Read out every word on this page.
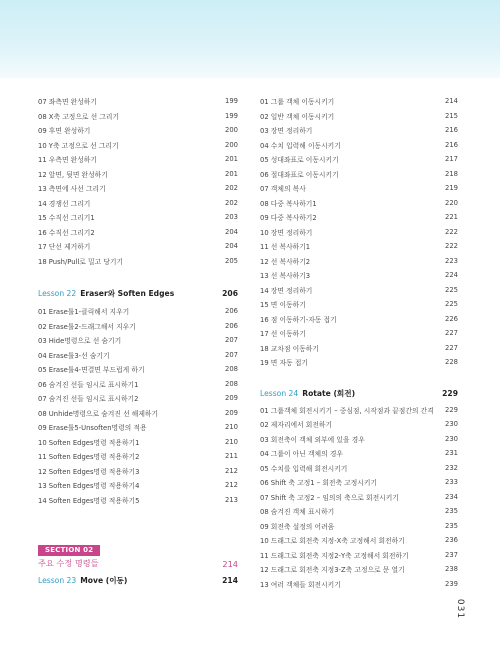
07 좌측면 완성하기	199
08 X축 고정으로 선 그리기	199
09 후면 완성하기	200
10 Y축 고정으로 선 그리기	200
11 우측면 완성하기	201
12 앞면, 뒷면 완성하기	201
13 측면에 사선 그리기	202
14 경쟁선 그리기	202
15 수직선 그리기1	203
16 수직선 그리기2	204
17 단선 제거하기	204
18 Push/Pull로 밀고 당기기	205
Lesson 22 Eraser와 Soften Edges	206
01 Erase툴1-클릭해서 지우기	206
02 Erase툴2-드래그해서 지우기	206
03 Hide명령으로 선 숨기기	207
04 Erase툴3-선 숨기기	207
05 Erase툴4-면결면 부드럽게 하기	208
06 숨겨진 선들 임시로 표시하기1	208
07 숨겨진 선들 임시로 표시하기2	209
08 Unhide명령으로 숨겨진 선 해제하기	209
09 Erase툴5-Unsoften명령의 적용	210
10 Soften Edges명령 적용하기1	210
11 Soften Edges명령 적용하기2	211
12 Soften Edges명령 적용하기3	212
13 Soften Edges명령 적용하기4	212
14 Soften Edges명령 적용하기5	213
SECTION 02
주요 수정 명령들	214
Lesson 23 Move (이동)	214
01 그룹 객체 이동시키기	214
02 일반 객체 이동시키기	215
03 장면 정리하기	216
04 수치 입력해 이동시키기	216
05 성대좌표로 이동시키기	217
06 절대좌표로 이동시키기	218
07 객체의 복사	219
08 다중 복사하기1	220
09 다중 복사하기2	221
10 장면 정리하기	222
11 선 복사하기1	222
12 선 복사하기2	223
13 선 복사하기3	224
14 장면 정리하기	225
15 면 이동하기	225
16 점 이동하기-자동 접기	226
17 선 이동하기	227
18 교차점 이동하기	227
19 면 자동 접기	228
Lesson 24 Rotate (회전)	229
01 그룹객체 회전시키기 – 중심점, 시작점과 끝점간의 간격	229
02 제자리에서 회전하기	230
03 회전축이 객체 외부에 있을 경우	230
04 그룹이 아닌 객체의 경우	231
05 수치를 입력해 회전시키기	232
06 Shift 축 고정1 – 회전축 고정시키기	233
07 Shift 축 고정2 – 임의의 축으로 회전시키기	234
08 숨겨진 객체 표시하기	235
09 회전축 설정의 어려움	235
10 드래그로 회전축 지정-X축 고정해서 회전하기	236
11 드래그로 회전축 지정2-Y축 고정해서 회전하기	237
12 드래그로 회전축 지정3-Z축 고정으로 문 열기	238
13 여러 객체들 회전시키기	239
031
